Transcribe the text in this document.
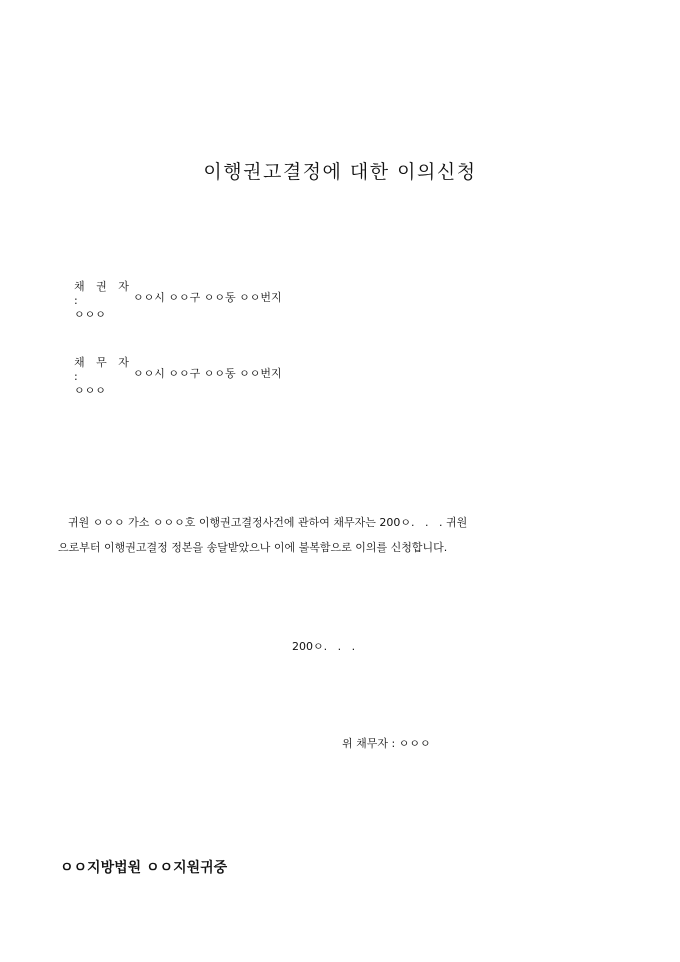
이행권고결정에 대한 이의신청

채 권 자
:
ㅇㅇㅇ

ㅇㅇ시 ㅇㅇ구 ㅇㅇ동 ㅇㅇ번지

채 무 자
:
ㅇㅇㅇ

ㅇㅇ시 ㅇㅇ구 ㅇㅇ동 ㅇㅇ번지
귀원 ㅇㅇㅇ 가소 ㅇㅇㅇ호 이행권고결정사건에 관하여 채무자는 200ㅇ.   .   . 귀원
으로부터 이행권고결정 정본을 송달받았으나 이에 불복함으로 이의를 신청합니다.
200ㅇ.   .   .
위 채무자 : ㅇㅇㅇ
ㅇㅇ지방법원 ㅇㅇ지원귀중
